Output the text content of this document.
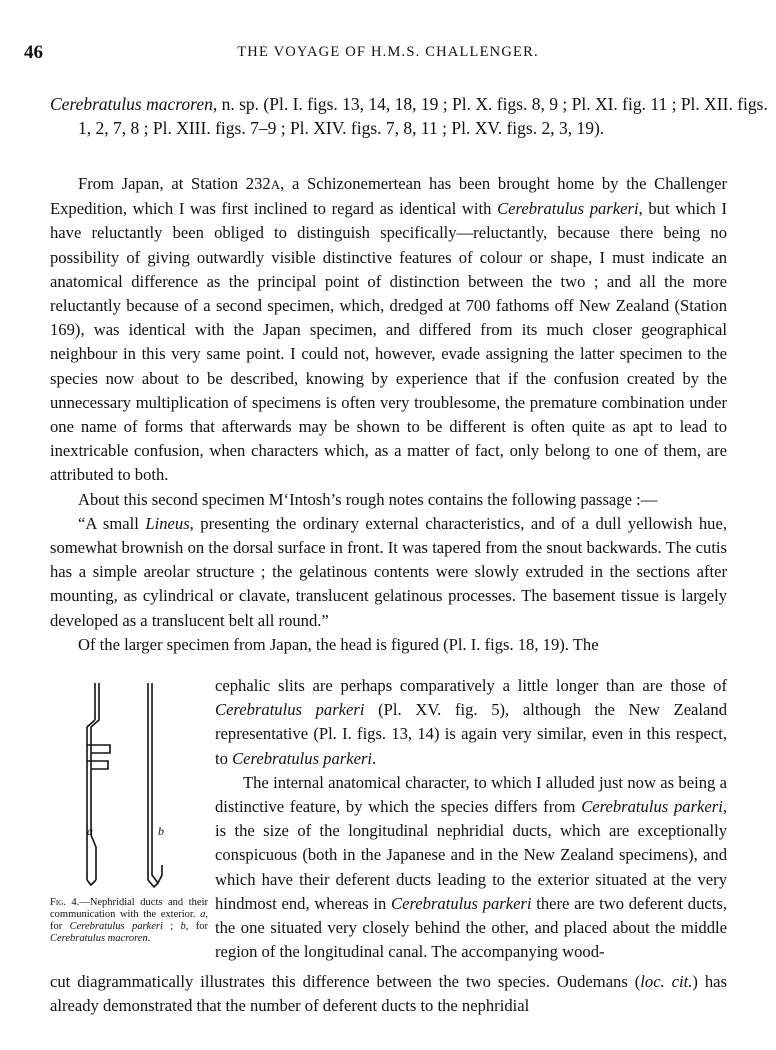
46	THE VOYAGE OF H.M.S. CHALLENGER.
Cerebratulus macroren, n. sp. (Pl. I. figs. 13, 14, 18, 19 ; Pl. X. figs. 8, 9 ; Pl. XI. fig. 11 ; Pl. XII. figs. 1, 2, 7, 8 ; Pl. XIII. figs. 7–9 ; Pl. XIV. figs. 7, 8, 11 ; Pl. XV. figs. 2, 3, 19).

From Japan, at Station 232A, a Schizonemertean has been brought home by the Challenger Expedition, which I was first inclined to regard as identical with Cerebratulus parkeri, but which I have reluctantly been obliged to distinguish specifically—reluctantly, because there being no possibility of giving outwardly visible distinctive features of colour or shape, I must indicate an anatomical difference as the principal point of distinction between the two ; and all the more reluctantly because of a second specimen, which, dredged at 700 fathoms off New Zealand (Station 169), was identical with the Japan specimen, and differed from its much closer geographical neighbour in this very same point. I could not, however, evade assigning the latter specimen to the species now about to be described, knowing by experience that if the confusion created by the unnecessary multiplication of specimens is often very troublesome, the premature combination under one name of forms that afterwards may be shown to be different is often quite as apt to lead to inextricable confusion, when characters which, as a matter of fact, only belong to one of them, are attributed to both.

About this second specimen M‘Intosh’s rough notes contains the following passage :—

“A small Lineus, presenting the ordinary external characteristics, and of a dull yellowish hue, somewhat brownish on the dorsal surface in front. It was tapered from the snout backwards. The cutis has a simple areolar structure ; the gelatinous contents were slowly extruded in the sections after mounting, as cylindrical or clavate, translucent gelatinous processes. The basement tissue is largely developed as a translucent belt all round.”

Of the larger specimen from Japan, the head is figured (Pl. I. figs. 18, 19). The

a	b
Fig. 4.—Nephridial ducts and their communication with the exterior. a, for Cerebratulus parkeri ; b, for Cerebratulus macroren.

cephalic slits are perhaps comparatively a little longer than are those of Cerebratulus parkeri (Pl. XV. fig. 5), although the New Zealand representative (Pl. I. figs. 13, 14) is again very similar, even in this respect, to Cerebratulus parkeri.

The internal anatomical character, to which I alluded just now as being a distinctive feature, by which the species differs from Cerebratulus parkeri, is the size of the longitudinal nephridial ducts, which are exceptionally conspicuous (both in the Japanese and in the New Zealand specimens), and which have their deferent ducts leading to the exterior situated at the very hindmost end, whereas in Cerebratulus parkeri there are two deferent ducts, the one situated very closely behind the other, and placed about the middle region of the longitudinal canal. The accompanying wood-

cut diagrammatically illustrates this difference between the two species. Oudemans (loc. cit.) has already demonstrated that the number of deferent ducts to the nephridial
